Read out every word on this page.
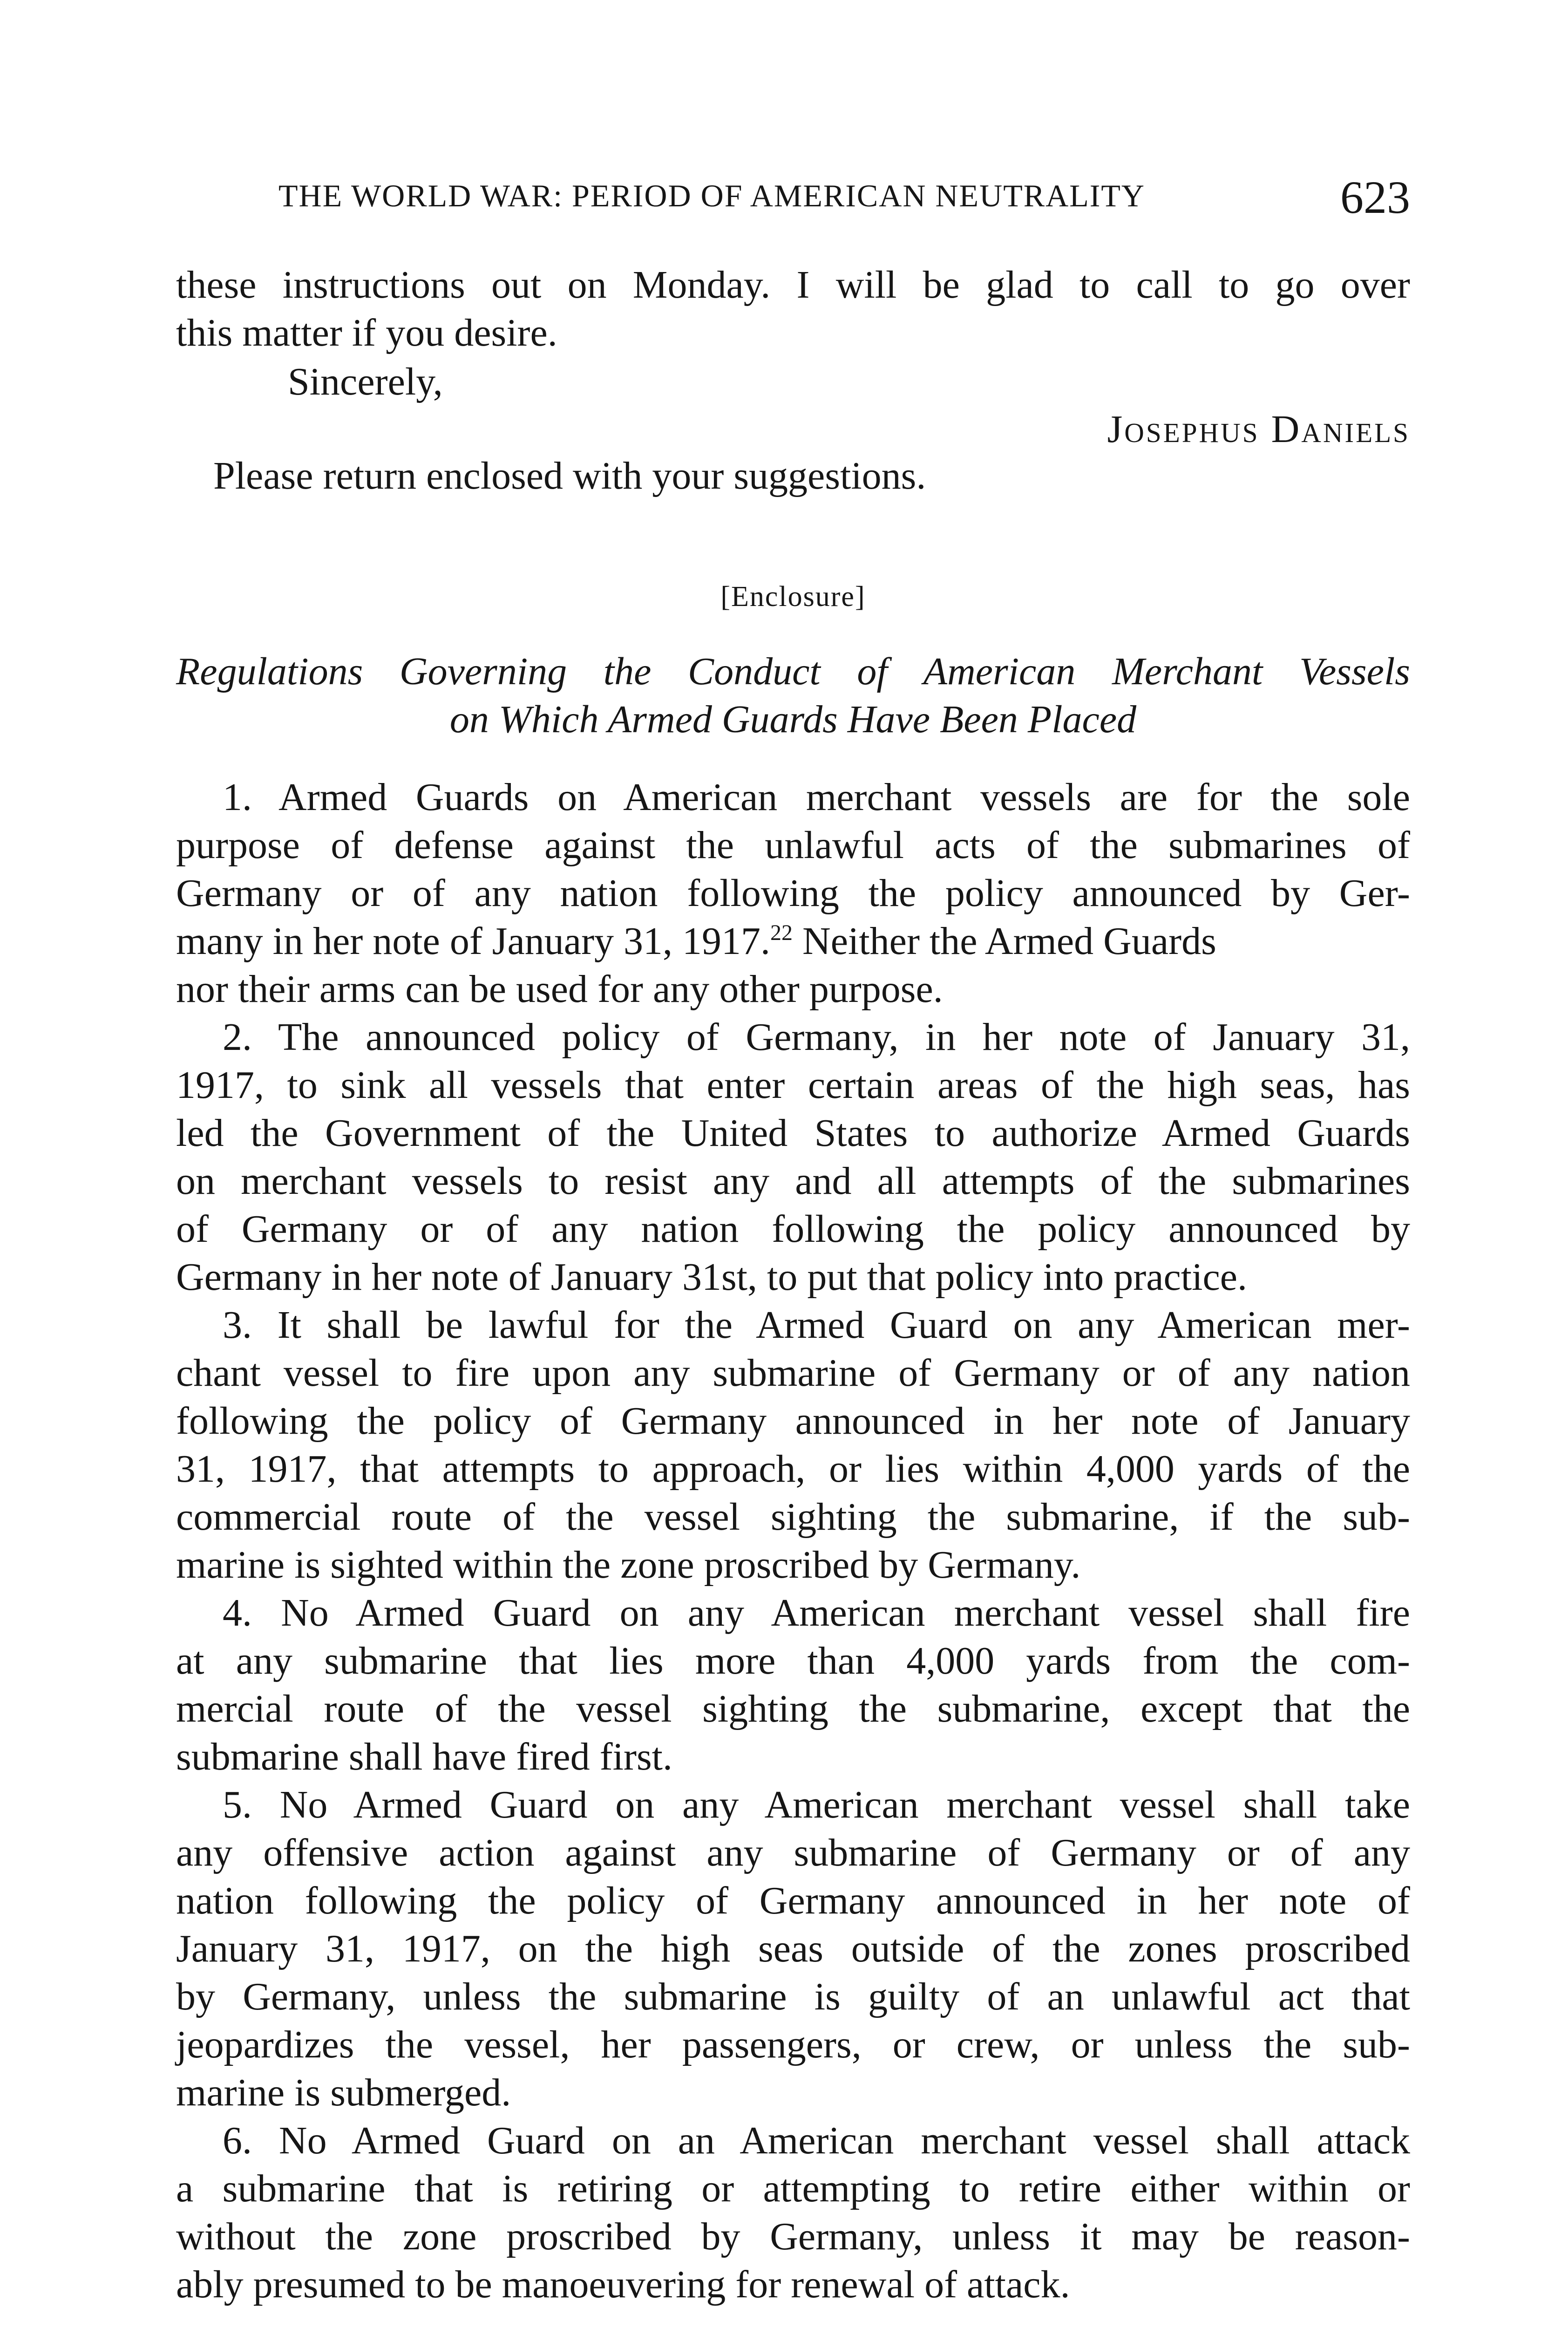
THE WORLD WAR: PERIOD OF AMERICAN NEUTRALITY	623
these instructions out on Monday. I will be glad to call to go over
this matter if you desire.
Sincerely,
Josephus Daniels
Please return enclosed with your suggestions.
[Enclosure]
Regulations Governing the Conduct of American Merchant Vessels
on Which Armed Guards Have Been Placed
1. Armed Guards on American merchant vessels are for the sole
purpose of defense against the unlawful acts of the submarines of
Germany or of any nation following the policy announced by Ger-
many in her note of January 31, 1917.22 Neither the Armed Guards
nor their arms can be used for any other purpose.
2. The announced policy of Germany, in her note of January 31,
1917, to sink all vessels that enter certain areas of the high seas, has
led the Government of the United States to authorize Armed Guards
on merchant vessels to resist any and all attempts of the submarines
of Germany or of any nation following the policy announced by
Germany in her note of January 31st, to put that policy into practice.
3. It shall be lawful for the Armed Guard on any American mer-
chant vessel to fire upon any submarine of Germany or of any nation
following the policy of Germany announced in her note of January
31, 1917, that attempts to approach, or lies within 4,000 yards of the
commercial route of the vessel sighting the submarine, if the sub-
marine is sighted within the zone proscribed by Germany.
4. No Armed Guard on any American merchant vessel shall fire
at any submarine that lies more than 4,000 yards from the com-
mercial route of the vessel sighting the submarine, except that the
submarine shall have fired first.
5. No Armed Guard on any American merchant vessel shall take
any offensive action against any submarine of Germany or of any
nation following the policy of Germany announced in her note of
January 31, 1917, on the high seas outside of the zones proscribed
by Germany, unless the submarine is guilty of an unlawful act that
jeopardizes the vessel, her passengers, or crew, or unless the sub-
marine is submerged.
6. No Armed Guard on an American merchant vessel shall attack
a submarine that is retiring or attempting to retire either within or
without the zone proscribed by Germany, unless it may be reason-
ably presumed to be manoeuvering for renewal of attack.
